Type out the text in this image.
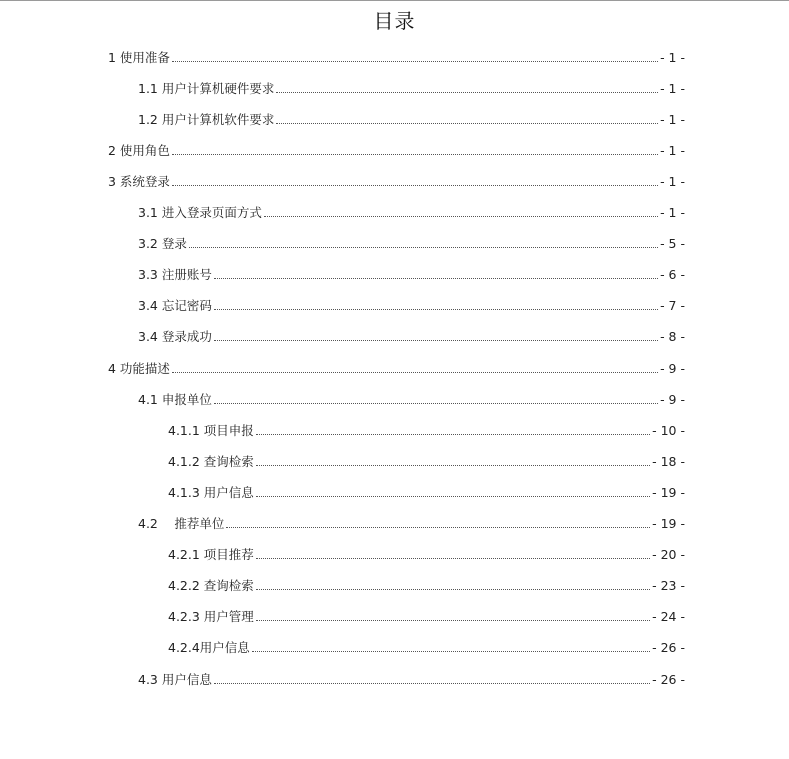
目录
1 使用准备	- 1 -
1.1 用户计算机硬件要求	- 1 -
1.2 用户计算机软件要求	- 1 -
2 使用角色	- 1 -
3 系统登录	- 1 -
3.1 进入登录页面方式	- 1 -
3.2 登录	- 5 -
3.3 注册账号	- 6 -
3.4 忘记密码	- 7 -
3.4 登录成功	- 8 -
4 功能描述	- 9 -
4.1 申报单位	- 9 -
4.1.1 项目申报	- 10 -
4.1.2 查询检索	- 18 -
4.1.3 用户信息	- 19 -
4.2　 推荐单位	- 19 -
4.2.1 项目推荐	- 20 -
4.2.2 查询检索	- 23 -
4.2.3 用户管理	- 24 -
4.2.4用户信息	- 26 -
4.3 用户信息	- 26 -
